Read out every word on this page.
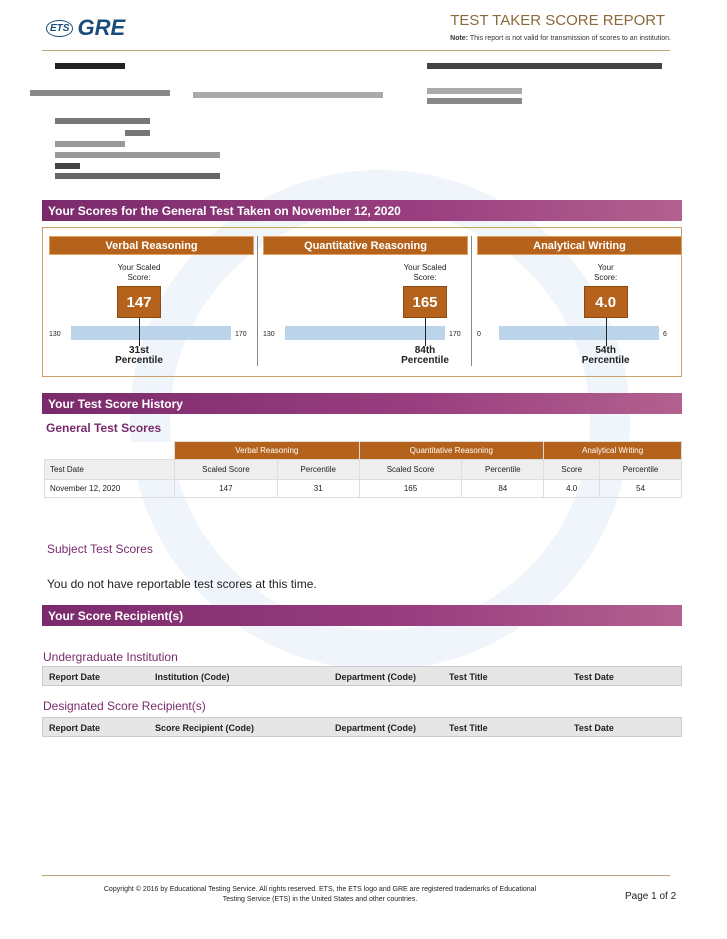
ETS GRE	TEST TAKER SCORE REPORT
Note: This report is not valid for transmission of scores to an institution.
Your Scores for the General Test Taken on November 12, 2020
Verbal Reasoning
Your Scaled
Score:
147
130	170
31st
Percentile
Quantitative Reasoning
Your Scaled
Score:
165
130	170
84th
Percentile
Analytical Writing
Your
Score:
4.0
0	6
54th
Percentile
Your Test Score History
General Test Scores
	Verbal Reasoning		Quantitative Reasoning		Analytical Writing	
Test Date	Scaled Score	Percentile	Scaled Score	Percentile	Score	Percentile
November 12, 2020	147	31	165	84	4.0	54
Subject Test Scores
You do not have reportable test scores at this time.
Your Score Recipient(s)
Undergraduate Institution
Report Date	Institution (Code)	Department (Code)	Test Title	Test Date
Designated Score Recipient(s)
Report Date	Score Recipient (Code)	Department (Code)	Test Title	Test Date
Copyright © 2016 by Educational Testing Service. All rights reserved. ETS, the ETS logo and GRE are registered trademarks of Educational
Testing Service (ETS) in the United States and other countries.	Page 1 of 2
